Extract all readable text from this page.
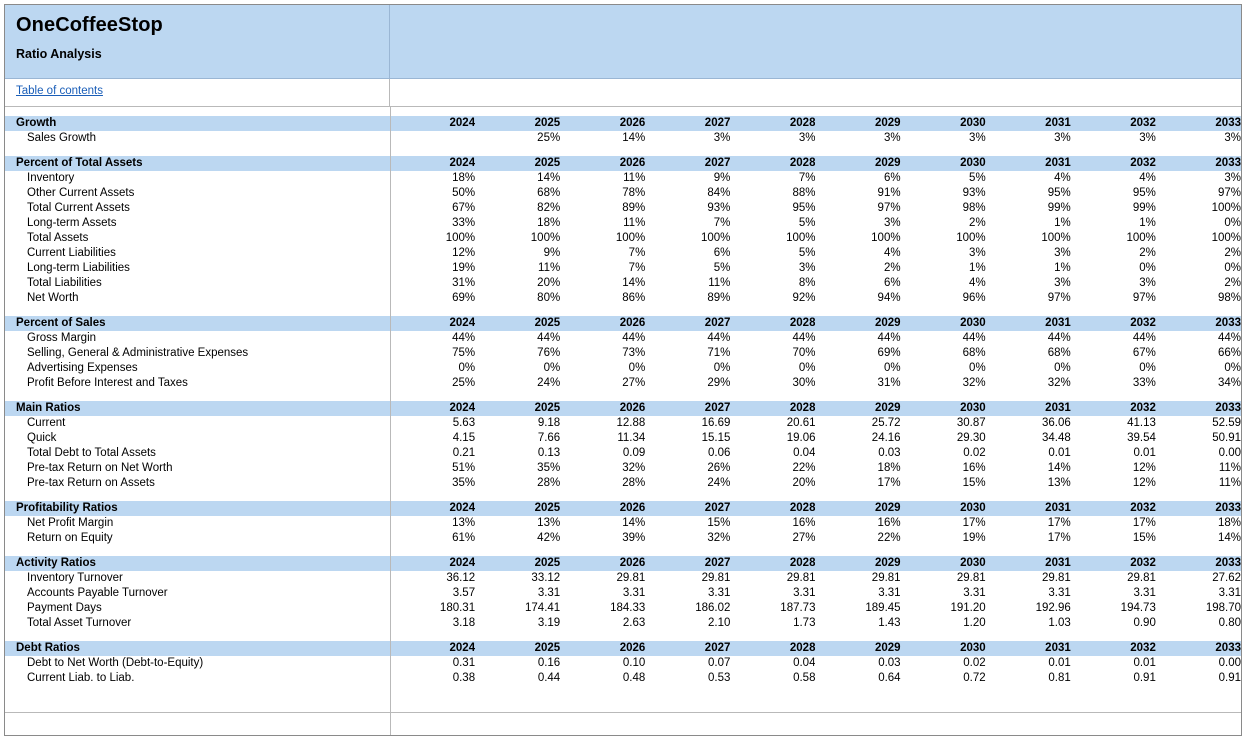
OneCoffeeStop
Ratio Analysis
Table of contents
Growth	2024	2025	2026	2027	2028	2029	2030	2031	2032	2033
Sales Growth		25%	14%	3%	3%	3%	3%	3%	3%	3%

Percent of Total Assets	2024	2025	2026	2027	2028	2029	2030	2031	2032	2033
Inventory	18%	14%	11%	9%	7%	6%	5%	4%	4%	3%
Other Current Assets	50%	68%	78%	84%	88%	91%	93%	95%	95%	97%
Total Current Assets	67%	82%	89%	93%	95%	97%	98%	99%	99%	100%
Long-term Assets	33%	18%	11%	7%	5%	3%	2%	1%	1%	0%
Total Assets	100%	100%	100%	100%	100%	100%	100%	100%	100%	100%
Current Liabilities	12%	9%	7%	6%	5%	4%	3%	3%	2%	2%
Long-term Liabilities	19%	11%	7%	5%	3%	2%	1%	1%	0%	0%
Total Liabilities	31%	20%	14%	11%	8%	6%	4%	3%	3%	2%
Net Worth	69%	80%	86%	89%	92%	94%	96%	97%	97%	98%

Percent of Sales	2024	2025	2026	2027	2028	2029	2030	2031	2032	2033
Gross Margin	44%	44%	44%	44%	44%	44%	44%	44%	44%	44%
Selling, General & Administrative Expenses	75%	76%	73%	71%	70%	69%	68%	68%	67%	66%
Advertising Expenses	0%	0%	0%	0%	0%	0%	0%	0%	0%	0%
Profit Before Interest and Taxes	25%	24%	27%	29%	30%	31%	32%	32%	33%	34%

Main Ratios	2024	2025	2026	2027	2028	2029	2030	2031	2032	2033
Current	5.63	9.18	12.88	16.69	20.61	25.72	30.87	36.06	41.13	52.59
Quick	4.15	7.66	11.34	15.15	19.06	24.16	29.30	34.48	39.54	50.91
Total Debt to Total Assets	0.21	0.13	0.09	0.06	0.04	0.03	0.02	0.01	0.01	0.00
Pre-tax Return on Net Worth	51%	35%	32%	26%	22%	18%	16%	14%	12%	11%
Pre-tax Return on Assets	35%	28%	28%	24%	20%	17%	15%	13%	12%	11%

Profitability Ratios	2024	2025	2026	2027	2028	2029	2030	2031	2032	2033
Net Profit Margin	13%	13%	14%	15%	16%	16%	17%	17%	17%	18%
Return on Equity	61%	42%	39%	32%	27%	22%	19%	17%	15%	14%

Activity Ratios	2024	2025	2026	2027	2028	2029	2030	2031	2032	2033
Inventory Turnover	36.12	33.12	29.81	29.81	29.81	29.81	29.81	29.81	29.81	27.62
Accounts Payable Turnover	3.57	3.31	3.31	3.31	3.31	3.31	3.31	3.31	3.31	3.31
Payment Days	180.31	174.41	184.33	186.02	187.73	189.45	191.20	192.96	194.73	198.70
Total Asset Turnover	3.18	3.19	2.63	2.10	1.73	1.43	1.20	1.03	0.90	0.80

Debt Ratios	2024	2025	2026	2027	2028	2029	2030	2031	2032	2033
Debt to Net Worth (Debt-to-Equity)	0.31	0.16	0.10	0.07	0.04	0.03	0.02	0.01	0.01	0.00
Current Liab. to Liab.	0.38	0.44	0.48	0.53	0.58	0.64	0.72	0.81	0.91	0.91
